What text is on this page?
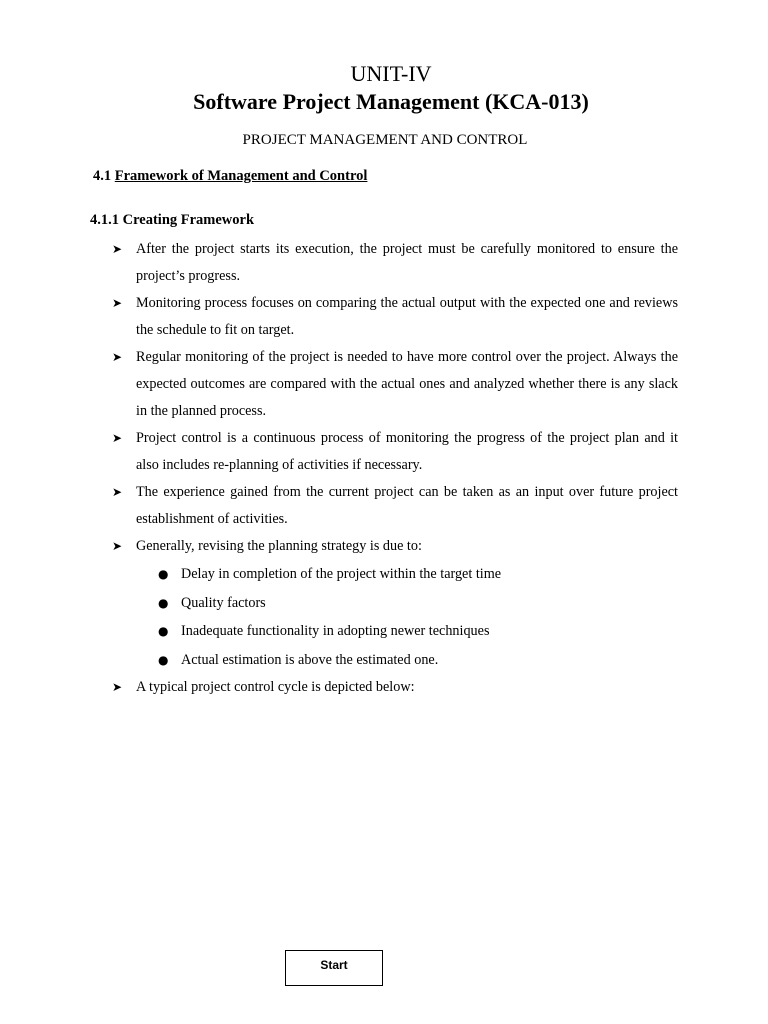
UNIT-IV
Software Project Management (KCA-013)
PROJECT MANAGEMENT AND CONTROL
4.1 Framework of Management and Control
4.1.1 Creating Framework
➤ After the project starts its execution, the project must be carefully monitored to ensure the project’s progress.
➤ Monitoring process focuses on comparing the actual output with the expected one and reviews the schedule to fit on target.
➤ Regular monitoring of the project is needed to have more control over the project. Always the expected outcomes are compared with the actual ones and analyzed whether there is any slack in the planned process.
➤ Project control is a continuous process of monitoring the progress of the project plan and it also includes re-planning of activities if necessary.
➤ The experience gained from the current project can be taken as an input over future project establishment of activities.
➤ Generally, revising the planning strategy is due to:
● Delay in completion of the project within the target time
● Quality factors
● Inadequate functionality in adopting newer techniques
● Actual estimation is above the estimated one.
➤ A typical project control cycle is depicted below:
Start
